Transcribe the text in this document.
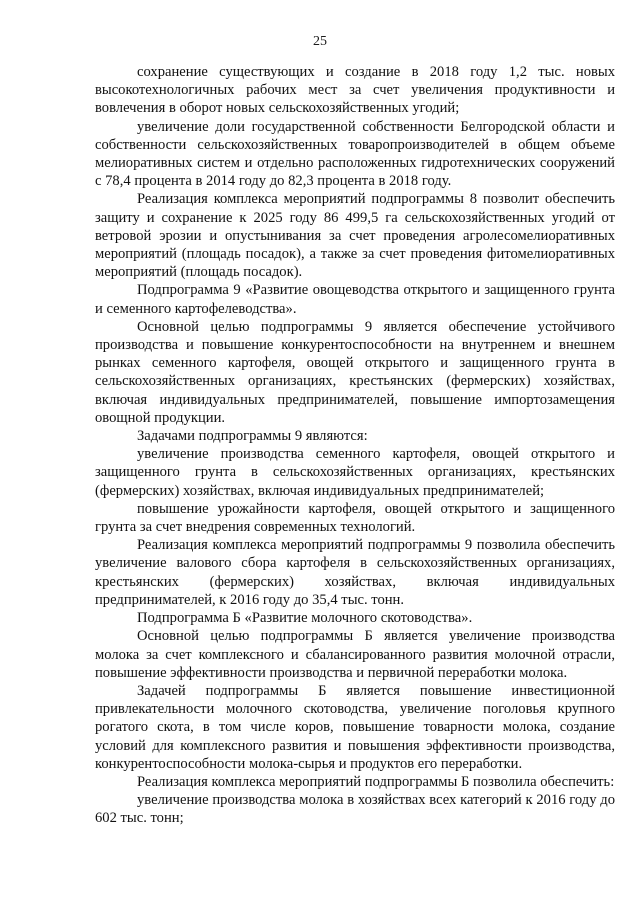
25

сохранение существующих и создание в 2018 году 1,2 тыс. новых высокотехнологичных рабочих мест за счет увеличения продуктивности и вовлечения в оборот новых сельскохозяйственных угодий;

увеличение доли государственной собственности Белгородской области и собственности сельскохозяйственных товаропроизводителей в общем объеме мелиоративных систем и отдельно расположенных гидротехнических сооружений с 78,4 процента в 2014 году до 82,3 процента в 2018 году.

Реализация комплекса мероприятий подпрограммы 8 позволит обеспечить защиту и сохранение к 2025 году 86 499,5 га сельскохозяйственных угодий от ветровой эрозии и опустынивания за счет проведения агролесомелиоративных мероприятий (площадь посадок), а также за счет проведения фитомелиоративных мероприятий (площадь посадок).

Подпрограмма 9 «Развитие овощеводства открытого и защищенного грунта и семенного картофелеводства».

Основной целью подпрограммы 9 является обеспечение устойчивого производства и повышение конкурентоспособности на внутреннем и внешнем рынках семенного картофеля, овощей открытого и защищенного грунта в сельскохозяйственных организациях, крестьянских (фермерских) хозяйствах, включая индивидуальных предпринимателей, повышение импортозамещения овощной продукции.

Задачами подпрограммы 9 являются:

увеличение производства семенного картофеля, овощей открытого и защищенного грунта в сельскохозяйственных организациях, крестьянских (фермерских) хозяйствах, включая индивидуальных предпринимателей;

повышение урожайности картофеля, овощей открытого и защищенного грунта за счет внедрения современных технологий.

Реализация комплекса мероприятий подпрограммы 9 позволила обеспечить увеличение валового сбора картофеля в сельскохозяйственных организациях, крестьянских (фермерских) хозяйствах, включая индивидуальных предпринимателей, к 2016 году до 35,4 тыс. тонн.

Подпрограмма Б «Развитие молочного скотоводства».

Основной целью подпрограммы Б является увеличение производства молока за счет комплексного и сбалансированного развития молочной отрасли, повышение эффективности производства и первичной переработки молока.

Задачей подпрограммы Б является повышение инвестиционной привлекательности молочного скотоводства, увеличение поголовья крупного рогатого скота, в том числе коров, повышение товарности молока, создание условий для комплексного развития и повышения эффективности производства, конкурентоспособности молока-сырья и продуктов его переработки.

Реализация комплекса мероприятий подпрограммы Б позволила обеспечить:

увеличение производства молока в хозяйствах всех категорий к 2016 году до 602 тыс. тонн;
